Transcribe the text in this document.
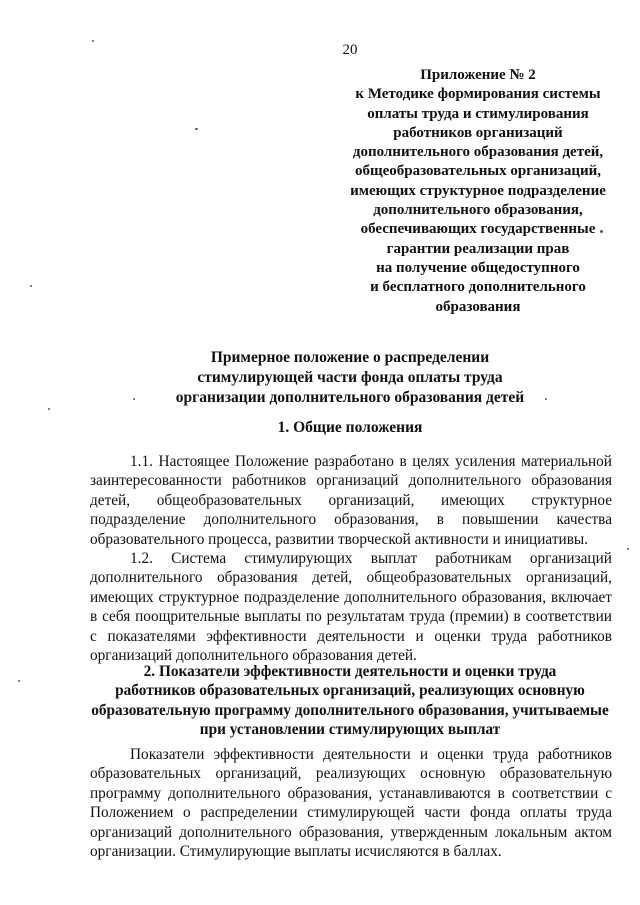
20
Приложение № 2
к Методике формирования системы
оплаты труда и стимулирования
работников организаций
дополнительного образования детей,
общеобразовательных организаций,
имеющих структурное подразделение
дополнительного образования,
обеспечивающих государственные
гарантии реализации прав
на получение общедоступного
и бесплатного дополнительного
образования
Примерное положение о распределении
стимулирующей части фонда оплаты труда
организации дополнительного образования детей
1. Общие положения

1.1. Настоящее Положение разработано в целях усиления материальной заинтересованности работников организаций дополнительного образования детей, общеобразовательных организаций, имеющих структурное подразделение дополнительного образования, в повышении качества образовательного процесса, развитии творческой активности и инициативы.

1.2. Система стимулирующих выплат работникам организаций дополнительного образования детей, общеобразовательных организаций, имеющих структурное подразделение дополнительного образования, включает в себя поощрительные выплаты по результатам труда (премии) в соответствии с показателями эффективности деятельности и оценки труда работников организаций дополнительного образования детей.

2. Показатели эффективности деятельности и оценки труда
работников образовательных организаций, реализующих основную
образовательную программу дополнительного образования, учитываемые
при установлении стимулирующих выплат

Показатели эффективности деятельности и оценки труда работников образовательных организаций, реализующих основную образовательную программу дополнительного образования, устанавливаются в соответствии с Положением о распределении стимулирующей части фонда оплаты труда организаций дополнительного образования, утвержденным локальным актом организации. Стимулирующие выплаты исчисляются в баллах.
